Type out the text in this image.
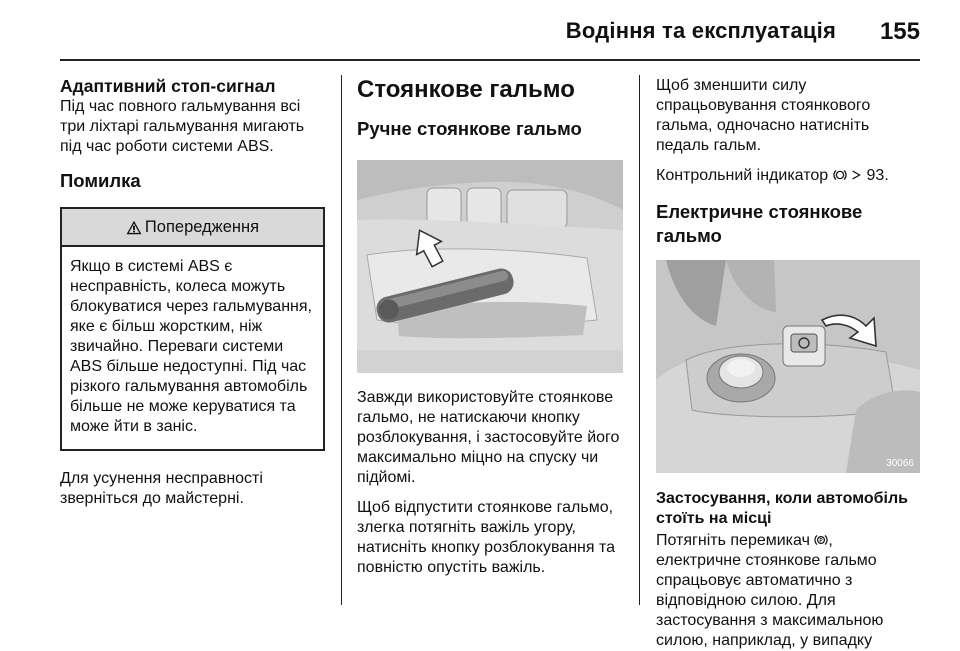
Водіння та експлуатація 155
Адаптивний стоп-сигнал

Під час повного гальмування всі три ліхтарі гальмування мигають під час роботи системи ABS.

Помилка
Попередження

Якщо в системі ABS є несправність, колеса можуть блокуватися через гальмування, яке є більш жорстким, ніж звичайно. Переваги системи ABS більше недоступні. Під час різкого гальмування автомобіль більше не може керуватися та може йти в заніс.

Для усунення несправності зверніться до майстерні.

Стоянкове гальмо
Ручне стоянкове гальмо

Завжди використовуйте стоянкове гальмо, не натискаючи кнопку розблокування, і застосовуйте його максимально міцно на спуску чи підйомі.

Щоб відпустити стоянкове гальмо, злегка потягніть важіль угору, натисніть кнопку розблокування та повністю опустіть важіль.

Щоб зменшити силу спрацьовування стоянкового гальма, одночасно натисніть педаль гальм.

Контрольний індикатор 93.

Електричне стоянкове гальмо
30066
Застосування, коли автомобіль стоїть на місці

Потягніть перемикач P , електричне стоянкове гальмо спрацьовує автоматично з відповідною силою. Для застосування з максимальною силою, наприклад, у випадку
